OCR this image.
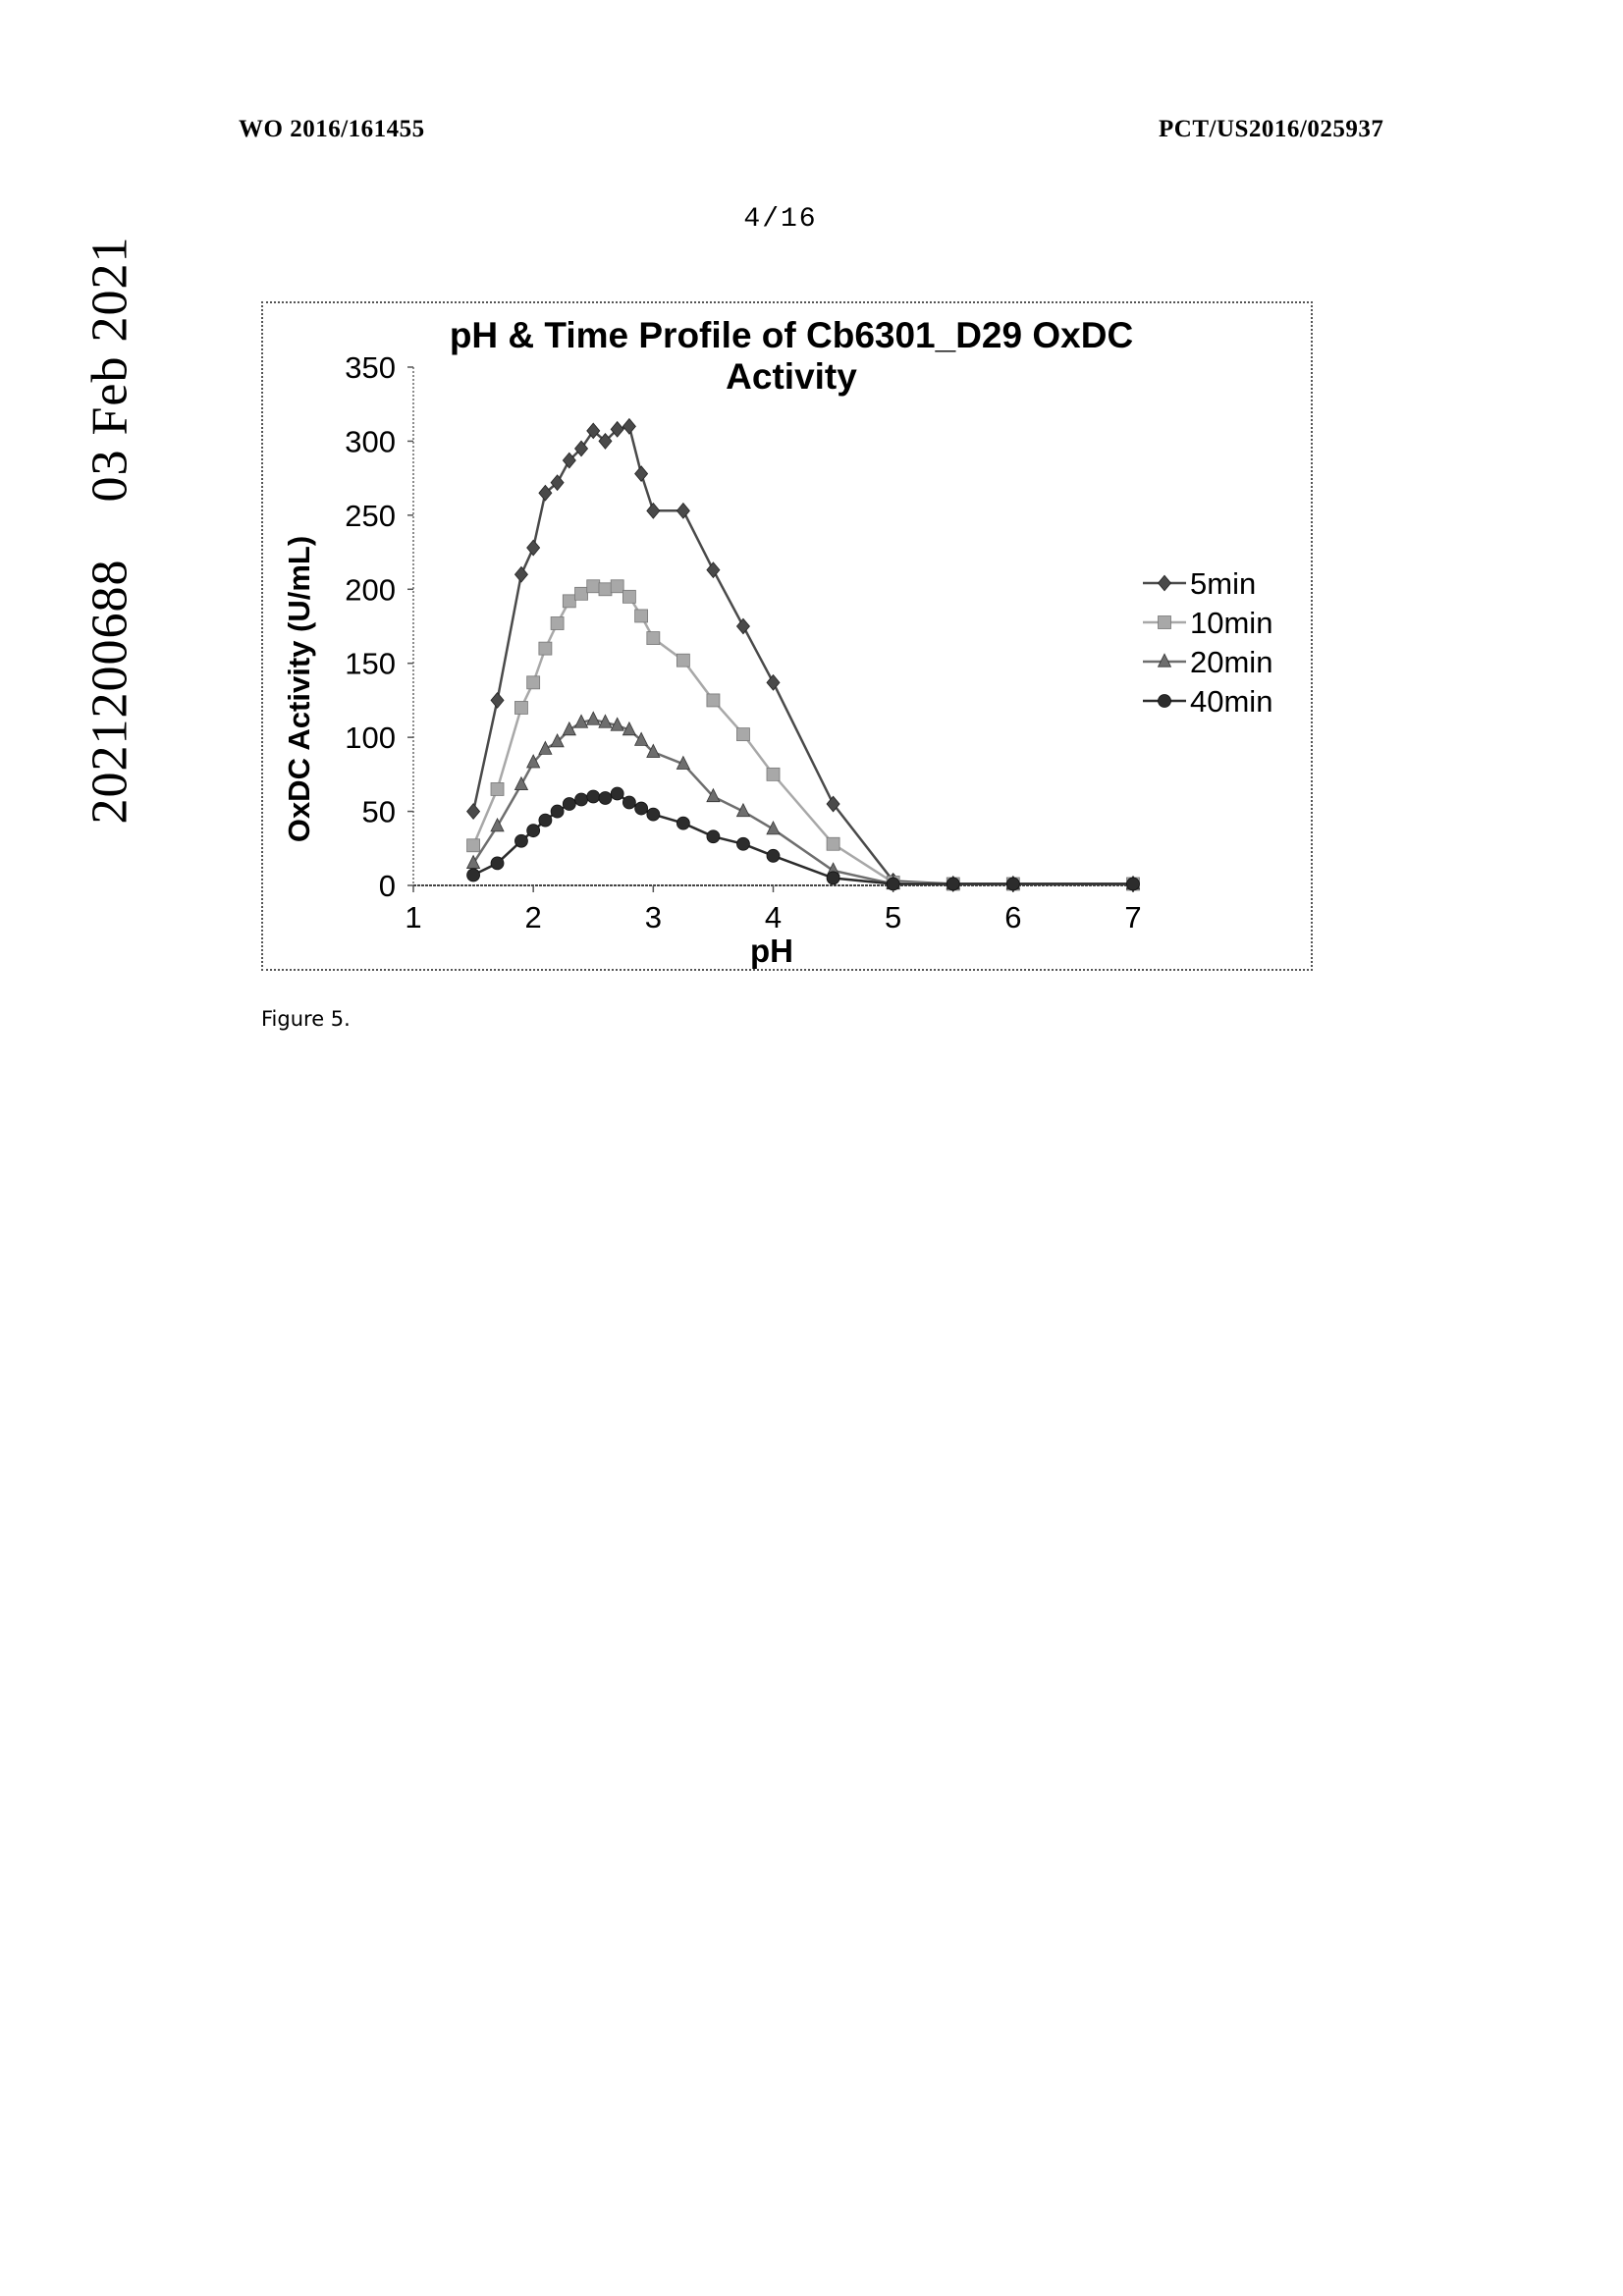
WO 2016/161455	PCT/US2016/025937
4/16
202120068803 Feb 2021
0
50
100
150
200
250
300
350
1	2	3	4	5	6	7
pH & Time Profile of Cb6301_D29 OxDC
Activity
pH
OxDC Activity (U/mL)	5min
10min
20min
40min
Figure 5.
